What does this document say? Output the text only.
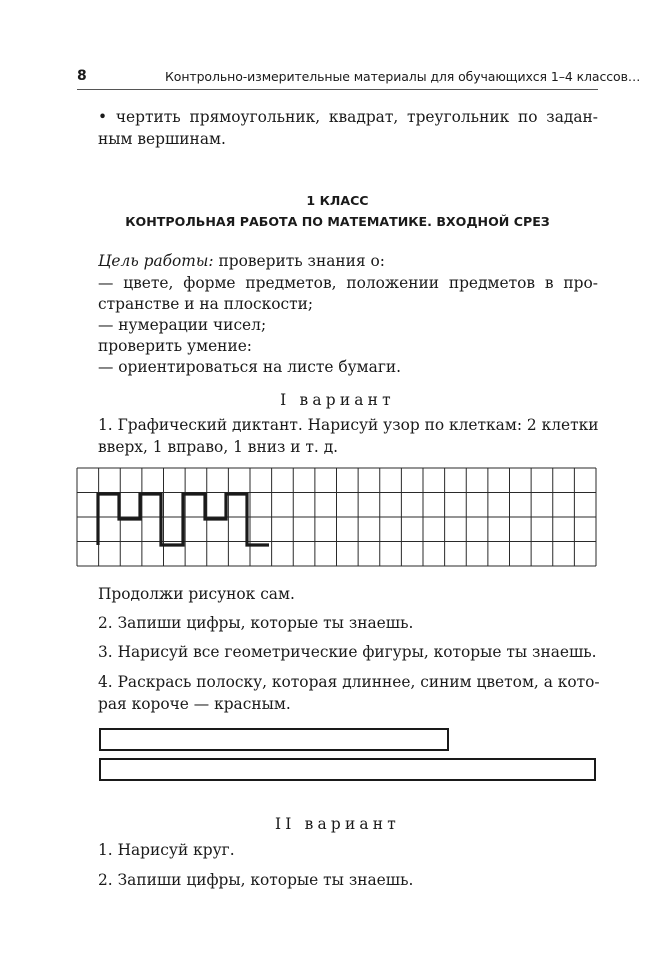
8	Контрольно-измерительные материалы для обучающихся 1–4 классов…
• чертить прямоугольник, квадрат, треугольник по задан-
ным вершинам.
1 КЛАСС
КОНТРОЛЬНАЯ РАБОТА ПО МАТЕМАТИКЕ. ВХОДНОЙ СРЕЗ
Цель работы: проверить знания о:
— цвете, форме предметов, положении предметов в про-
странстве и на плоскости;
— нумерации чисел;
проверить умение:
— ориентироваться на листе бумаги.
I вариант
1. Графический диктант. Нарисуй узор по клеткам: 2 клетки
вверх, 1 вправо, 1 вниз и т. д.
Продолжи рисунок сам.
2. Запиши цифры, которые ты знаешь.
3. Нарисуй все геометрические фигуры, которые ты знаешь.
4. Раскрась полоску, которая длиннее, синим цветом, а кото-
рая короче — красным.
II вариант
1. Нарисуй круг.
2. Запиши цифры, которые ты знаешь.
